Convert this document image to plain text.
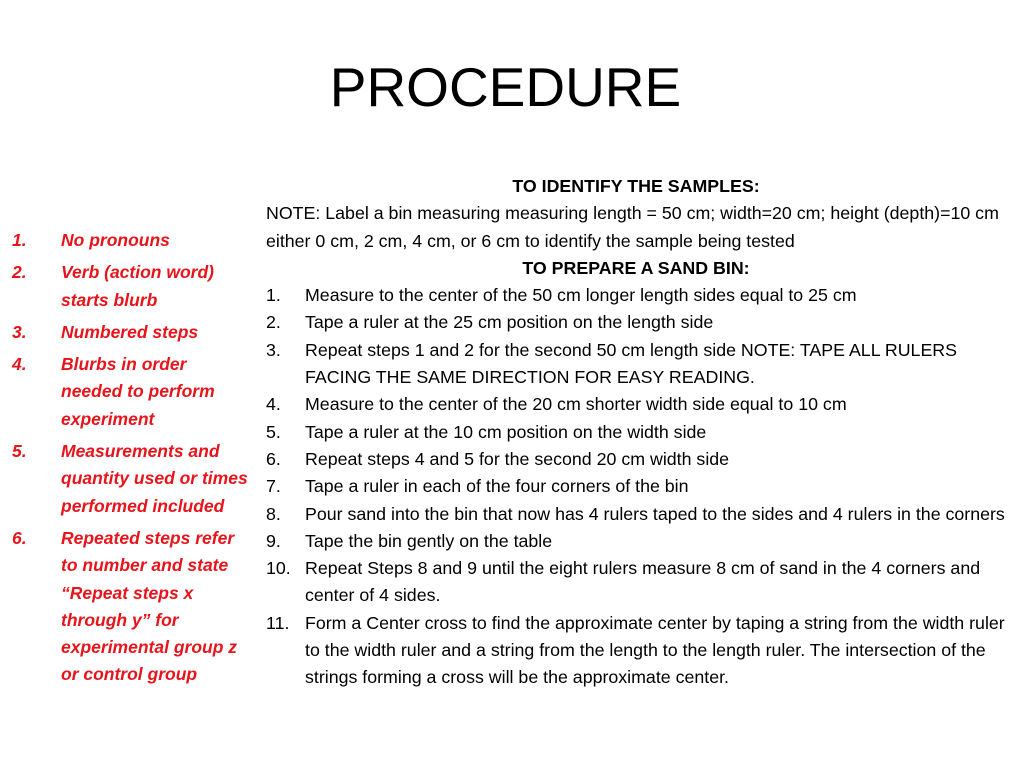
PROCEDURE
1. No pronouns
2. Verb (action word) starts blurb
3. Numbered steps
4. Blurbs in order needed to perform experiment
5. Measurements and quantity used or times performed included
6. Repeated steps refer to number and state “Repeat steps x through y” for experimental group z or control group

TO IDENTIFY THE SAMPLES:

NOTE: Label a bin measuring measuring length = 50 cm; width=20 cm; height (depth)=10 cm either 0 cm, 2 cm, 4 cm, or 6 cm to identify the sample being tested

TO PREPARE A SAND BIN:

1. Measure to the center of the 50 cm longer length sides equal to 25 cm
2. Tape a ruler at the 25 cm position on the length side
3. Repeat steps 1 and 2 for the second 50 cm length side NOTE: TAPE ALL RULERS FACING THE SAME DIRECTION FOR EASY READING.
4. Measure to the center of the 20 cm shorter width side equal to 10 cm
5. Tape a ruler at the 10 cm position on the width side
6. Repeat steps 4 and 5 for the second 20 cm width side
7. Tape a ruler in each of the four corners of the bin
8. Pour sand into the bin that now has 4 rulers taped to the sides and 4 rulers in the corners
9. Tape the bin gently on the table
10. Repeat Steps 8 and 9 until the eight rulers measure 8 cm of sand in the 4 corners and center of 4 sides.
11. Form a Center cross to find the approximate center by taping a string from the width ruler to the width ruler and a string from the length to the length ruler. The intersection of the strings forming a cross will be the approximate center.
